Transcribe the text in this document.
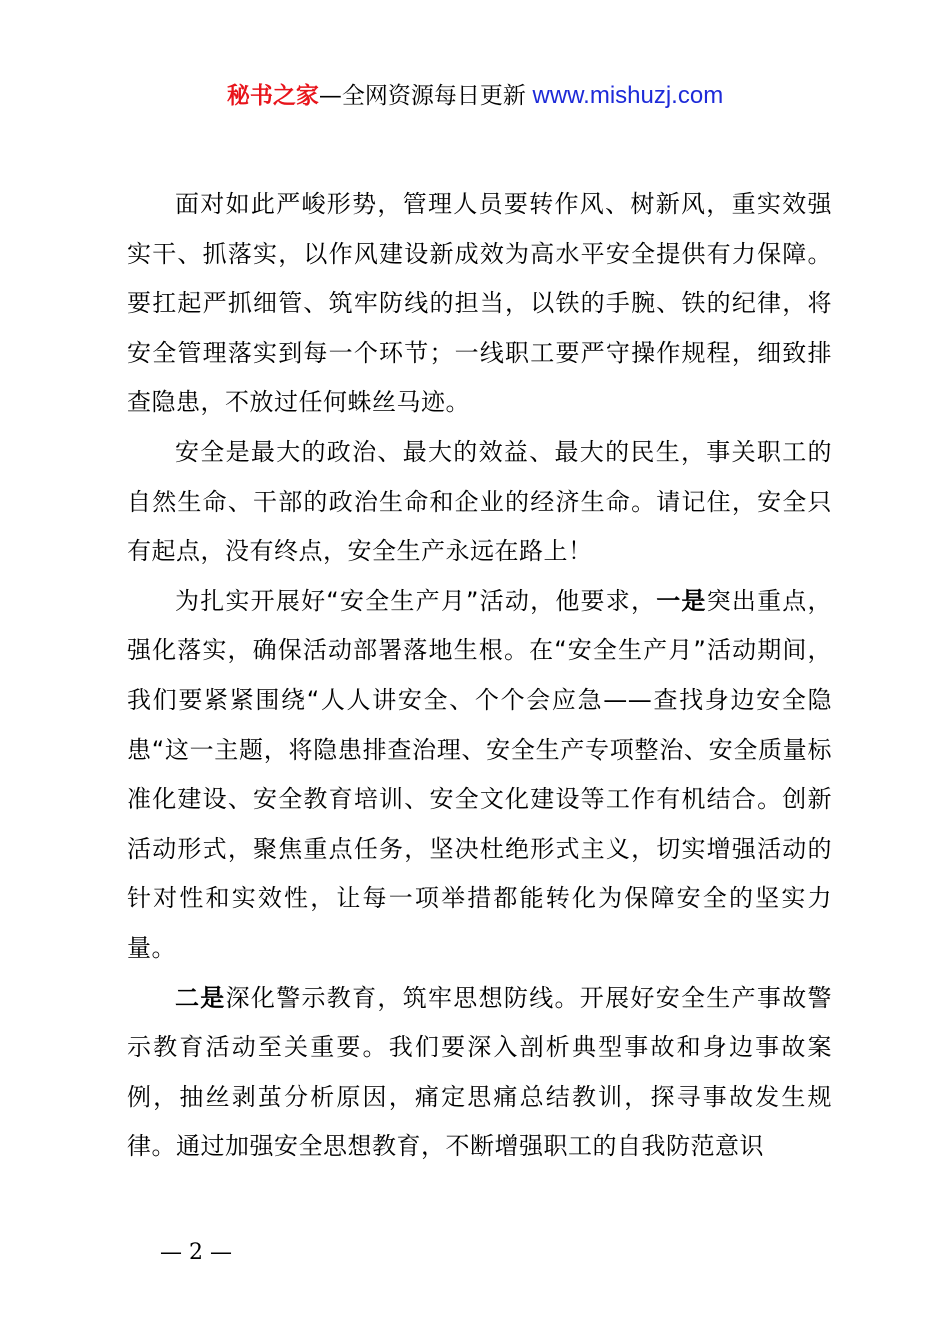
秘书之家—全网资源每日更新 www.mishuzj.com

面对如此严峻形势，管理人员要转作风、树新风，重实效强实干、抓落实，以作风建设新成效为高水平安全提供有力保障。要扛起严抓细管、筑牢防线的担当，以铁的手腕、铁的纪律，将安全管理落实到每一个环节；一线职工要严守操作规程，细致排查隐患，不放过任何蛛丝马迹。

安全是最大的政治、最大的效益、最大的民生，事关职工的自然生命、干部的政治生命和企业的经济生命。请记住，安全只有起点，没有终点，安全生产永远在路上！

为扎实开展好“安全生产月”活动，他要求，一是突出重点，强化落实，确保活动部署落地生根。在“安全生产月”活动期间，我们要紧紧围绕“人人讲安全、个个会应急——查找身边安全隐患“这一主题，将隐患排查治理、安全生产专项整治、安全质量标准化建设、安全教育培训、安全文化建设等工作有机结合。创新活动形式，聚焦重点任务，坚决杜绝形式主义，切实增强活动的针对性和实效性，让每一项举措都能转化为保障安全的坚实力量。

二是深化警示教育，筑牢思想防线。开展好安全生产事故警示教育活动至关重要。我们要深入剖析典型事故和身边事故案例，抽丝剥茧分析原因，痛定思痛总结教训，探寻事故发生规律。通过加强安全思想教育，不断增强职工的自我防范意识

— 2 —
